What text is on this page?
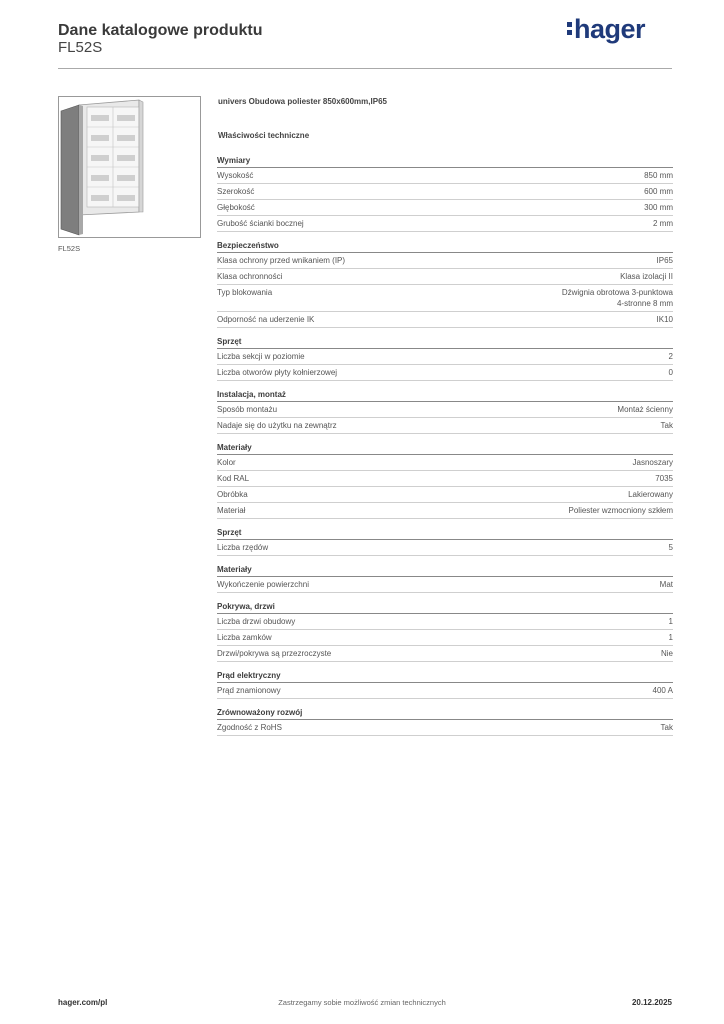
Dane katalogowe produktu
FL52S
hager
FL52S
univers Obudowa poliester 850x600mm,IP65
Właściwości techniczne
Wymiary
Wysokość	850 mm
Szerokość	600 mm
Głębokość	300 mm
Grubość ścianki bocznej	2 mm
Bezpieczeństwo
Klasa ochrony przed wnikaniem (IP)	IP65
Klasa ochronności	Klasa izolacji II
Typ blokowania	Dźwignia obrotowa 3-punktowa
4-stronne 8 mm
Odporność na uderzenie IK	IK10
Sprzęt
Liczba sekcji w poziomie	2
Liczba otworów płyty kołnierzowej	0
Instalacja, montaż
Sposób montażu	Montaż ścienny
Nadaje się do użytku na zewnątrz	Tak
Materiały
Kolor	Jasnoszary
Kod RAL	7035
Obróbka	Lakierowany
Materiał	Poliester wzmocniony szkłem
Sprzęt
Liczba rzędów	5
Materiały
Wykończenie powierzchni	Mat
Pokrywa, drzwi
Liczba drzwi obudowy	1
Liczba zamków	1
Drzwi/pokrywa są przezroczyste	Nie
Prąd elektryczny
Prąd znamionowy	400 A
Zrównoważony rozwój
Zgodność z RoHS	Tak
hager.com/pl	Zastrzegamy sobie możliwość zmian technicznych	20.12.2025
